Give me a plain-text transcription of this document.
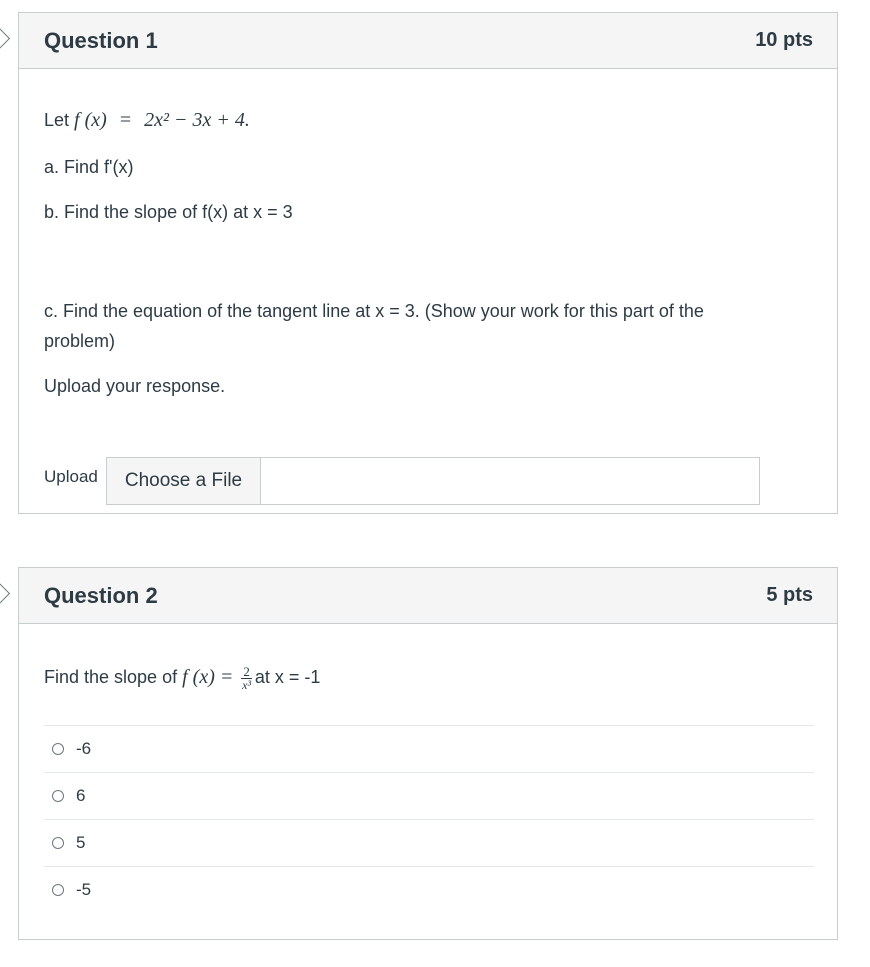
Question 1	10 pts
Let f (x) = 2x² − 3x + 4.
a. Find f'(x)
b. Find the slope of f(x) at x = 3
c. Find the equation of the tangent line at x = 3. (Show your work for this part of the problem)
Upload your response.
Upload	Choose a File
Question 2	5 pts
Find the slope of f $(x) = \frac{2}{\text{x³}}$ at x = -1
-6
6
5
-5
